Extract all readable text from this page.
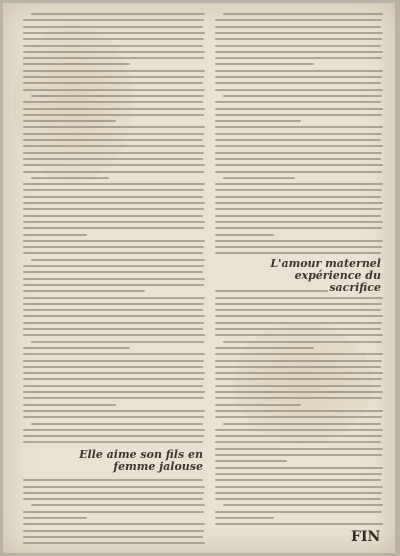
L'amour maternel expérience du sacrifice
Elle aime son fils en femme jalouse
FIN
